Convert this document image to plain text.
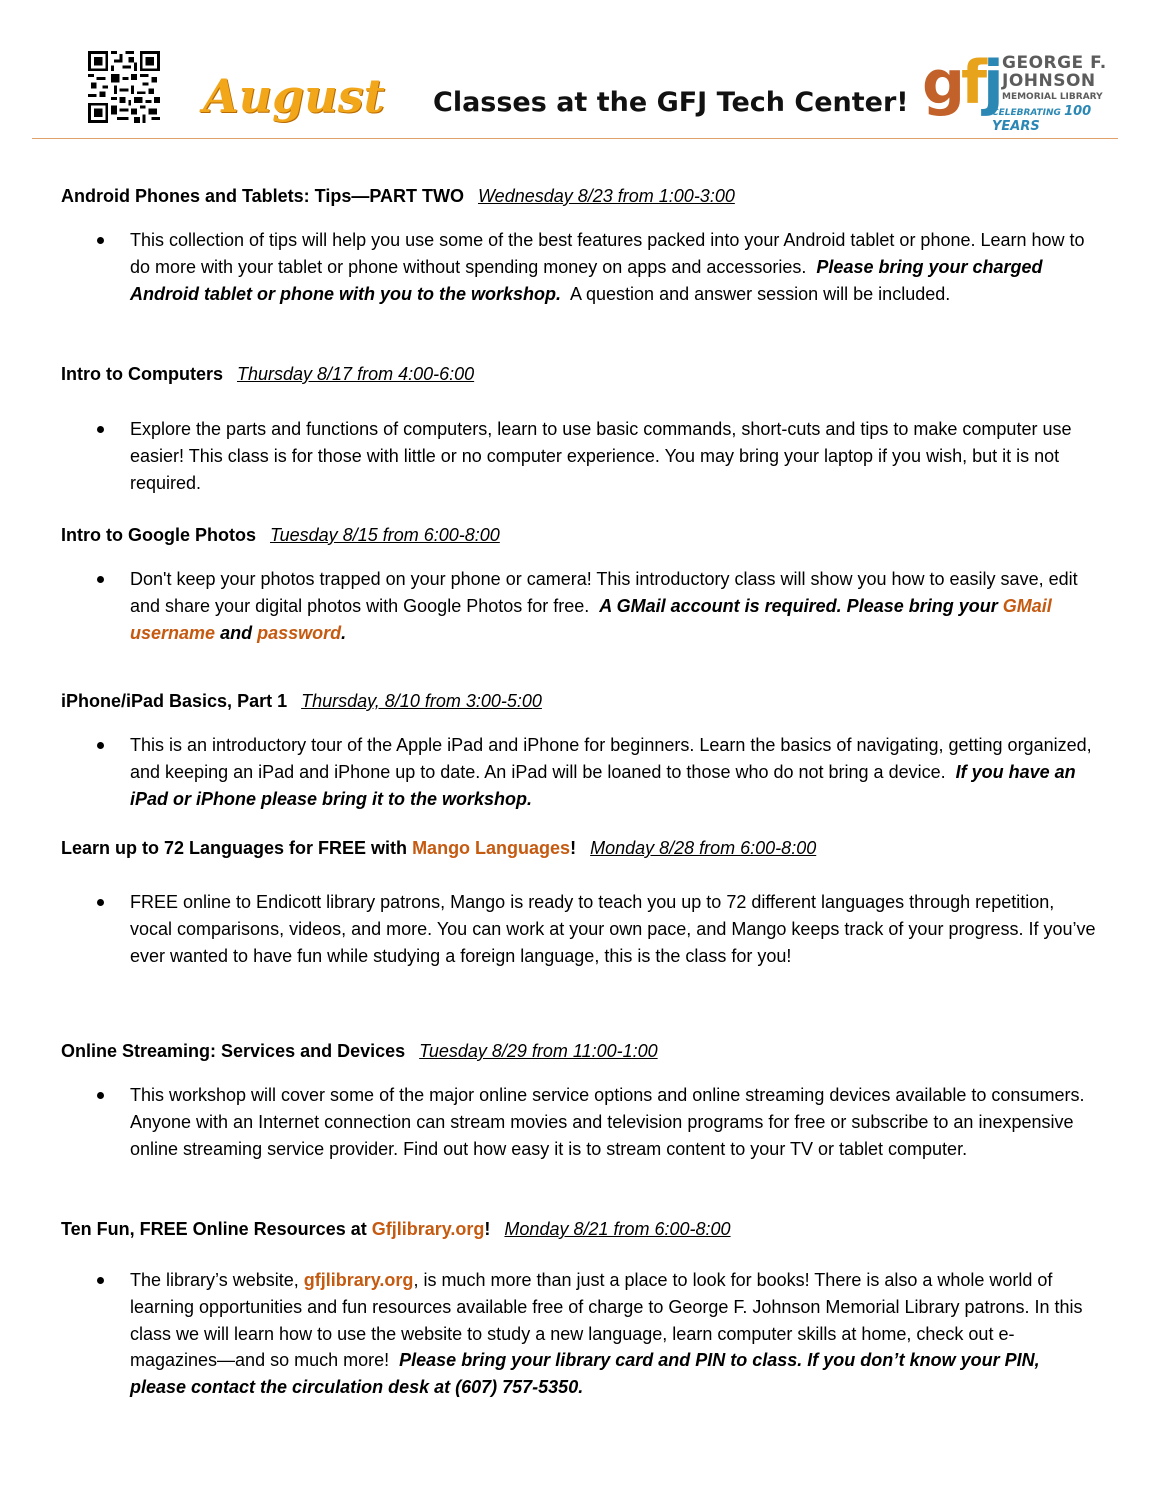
August Classes at the GFJ Tech Center! gfj GEORGE F.
JOHNSON
MEMORIAL LIBRARY
CELEBRATING 100 YEARS
Android Phones and Tablets: Tips—PART TWO Wednesday 8/23 from 1:00-3:00
This collection of tips will help you use some of the best features packed into your Android tablet or phone. Learn how to do more with your tablet or phone without spending money on apps and accessories. Please bring your charged Android tablet or phone with you to the workshop. A question and answer session will be included.
Intro to Computers Thursday 8/17 from 4:00-6:00
Explore the parts and functions of computers, learn to use basic commands, short-cuts and tips to make computer use easier! This class is for those with little or no computer experience. You may bring your laptop if you wish, but it is not required.
Intro to Google Photos Tuesday 8/15 from 6:00-8:00
Don't keep your photos trapped on your phone or camera! This introductory class will show you how to easily save, edit and share your digital photos with Google Photos for free. A GMail account is required. Please bring your GMail username and password.
iPhone/iPad Basics, Part 1 Thursday, 8/10 from 3:00-5:00
This is an introductory tour of the Apple iPad and iPhone for beginners. Learn the basics of navigating, getting organized, and keeping an iPad and iPhone up to date. An iPad will be loaned to those who do not bring a device. If you have an iPad or iPhone please bring it to the workshop.
Learn up to 72 Languages for FREE with Mango Languages! Monday 8/28 from 6:00-8:00
FREE online to Endicott library patrons, Mango is ready to teach you up to 72 different languages through repetition, vocal comparisons, videos, and more. You can work at your own pace, and Mango keeps track of your progress. If you’ve ever wanted to have fun while studying a foreign language, this is the class for you!
Online Streaming: Services and Devices Tuesday 8/29 from 11:00-1:00
This workshop will cover some of the major online service options and online streaming devices available to consumers. Anyone with an Internet connection can stream movies and television programs for free or subscribe to an inexpensive online streaming service provider. Find out how easy it is to stream content to your TV or tablet computer.
Ten Fun, FREE Online Resources at Gfjlibrary.org! Monday 8/21 from 6:00-8:00
The library’s website, gfjlibrary.org, is much more than just a place to look for books! There is also a whole world of learning opportunities and fun resources available free of charge to George F. Johnson Memorial Library patrons. In this class we will learn how to use the website to study a new language, learn computer skills at home, check out e-magazines—and so much more! Please bring your library card and PIN to class. If you don’t know your PIN, please contact the circulation desk at (607) 757-5350.
